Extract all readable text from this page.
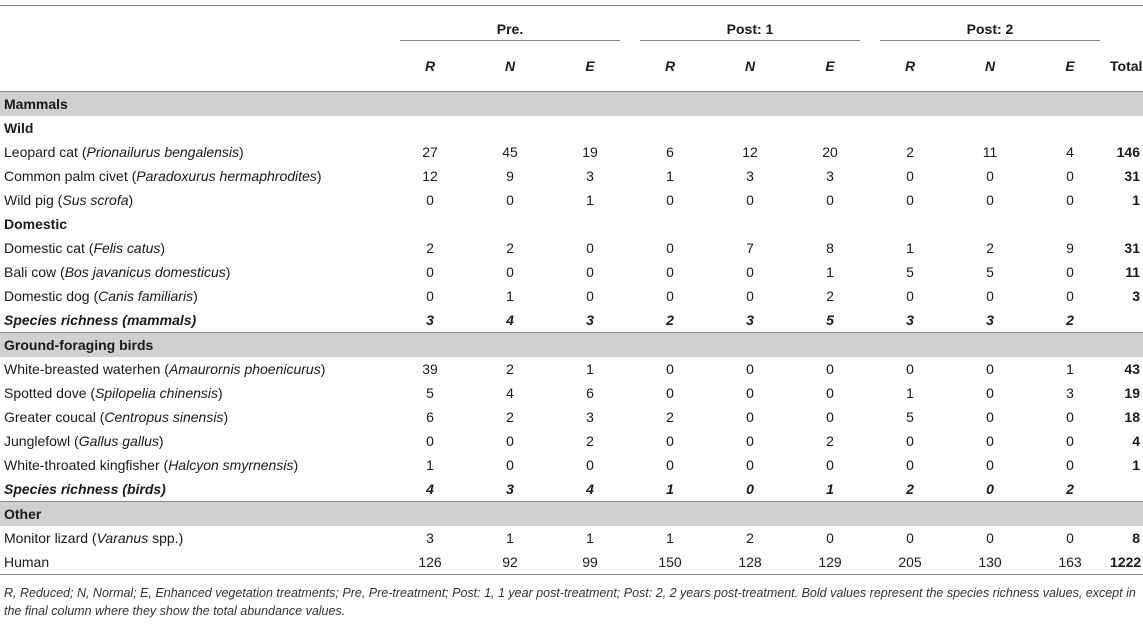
	Pre.			Post: 1			Post: 2		

	R	N	E	R	N	E	R	N	E	Total
Mammals										
Wild										
Leopard cat (Prionailurus bengalensis)	27	45	19	6	12	20	2	11	4	146
Common palm civet (Paradoxurus hermaphrodites)	12	9	3	1	3	3	0	0	0	31
Wild pig (Sus scrofa)	0	0	1	0	0	0	0	0	0	1
Domestic										
Domestic cat (Felis catus)	2	2	0	0	7	8	1	2	9	31
Bali cow (Bos javanicus domesticus)	0	0	0	0	0	1	5	5	0	11
Domestic dog (Canis familiaris)	0	1	0	0	0	2	0	0	0	3
Species richness (mammals)	3	4	3	2	3	5	3	3	2	
Ground-foraging birds										
White-breasted waterhen (Amaurornis phoenicurus)	39	2	1	0	0	0	0	0	1	43
Spotted dove (Spilopelia chinensis)	5	4	6	0	0	0	1	0	3	19
Greater coucal (Centropus sinensis)	6	2	3	2	0	0	5	0	0	18
Junglefowl (Gallus gallus)	0	0	2	0	0	2	0	0	0	4
White-throated kingfisher (Halcyon smyrnensis)	1	0	0	0	0	0	0	0	0	1
Species richness (birds)	4	3	4	1	0	1	2	0	2	
Other										
Monitor lizard (Varanus spp.)	3	1	1	1	2	0	0	0	0	8
Human	126	92	99	150	128	129	205	130	163	1222
R, Reduced; N, Normal; E, Enhanced vegetation treatments; Pre, Pre-treatment; Post: 1, 1 year post-treatment; Post: 2, 2 years post-treatment. Bold values represent the species richness values, except in the final column where they show the total abundance values.
